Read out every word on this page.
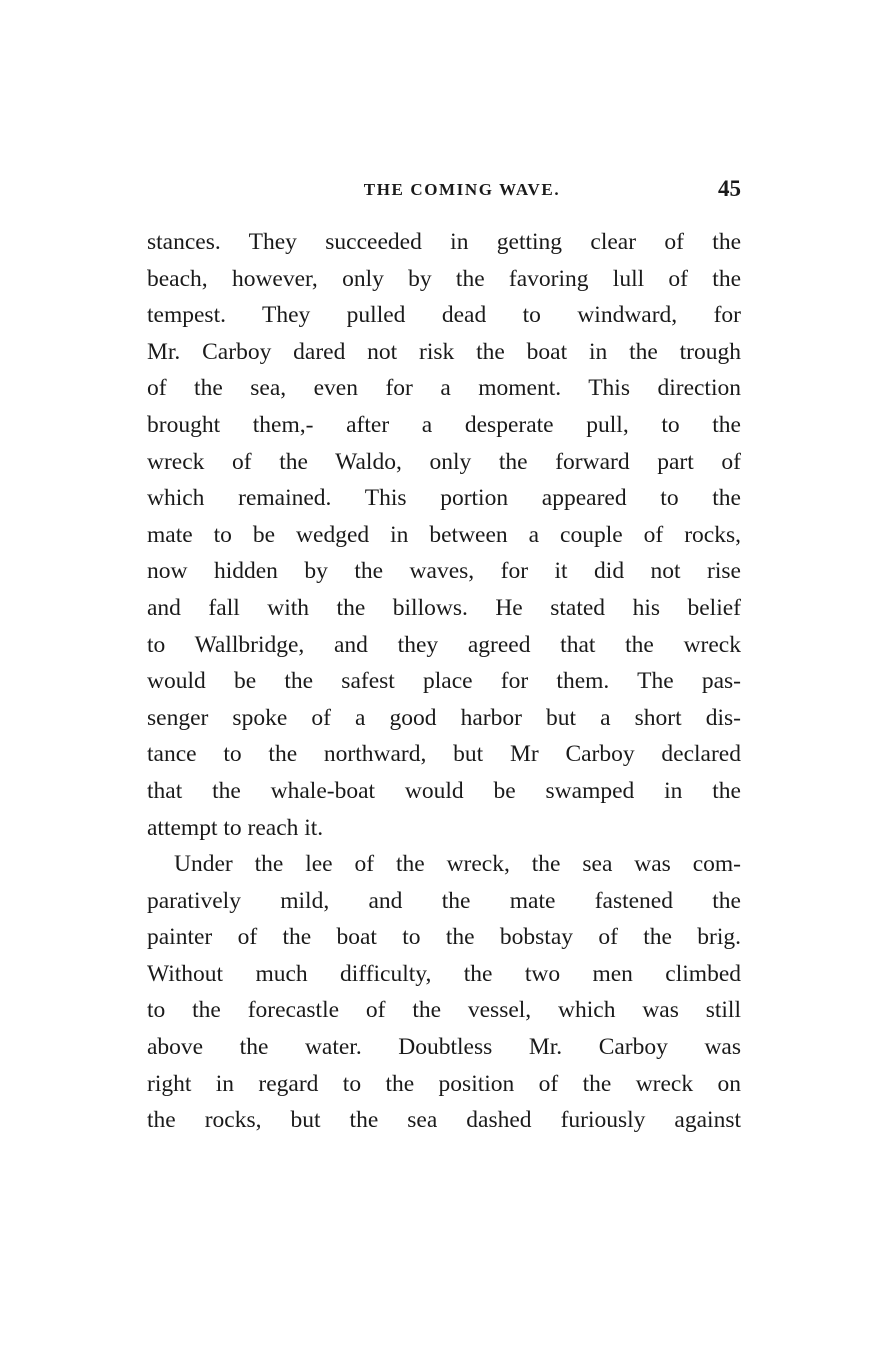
THE COMING WAVE.	45
stances. They succeeded in getting clear of the
beach, however, only by the favoring lull of the
tempest. They pulled dead to windward, for
Mr. Carboy dared not risk the boat in the trough
of the sea, even for a moment. This direction
brought them,- after a desperate pull, to the
wreck of the Waldo, only the forward part of
which remained. This portion appeared to the
mate to be wedged in between a couple of rocks,
now hidden by the waves, for it did not rise
and fall with the billows. He stated his belief
to Wallbridge, and they agreed that the wreck
would be the safest place for them. The pas-
senger spoke of a good harbor but a short dis-
tance to the northward, but Mr Carboy declared
that the whale-boat would be swamped in the
attempt to reach it.
Under the lee of the wreck, the sea was com-
paratively mild, and the mate fastened the
painter of the boat to the bobstay of the brig.
Without much difficulty, the two men climbed
to the forecastle of the vessel, which was still
above the water. Doubtless Mr. Carboy was
right in regard to the position of the wreck on
the rocks, but the sea dashed furiously against
